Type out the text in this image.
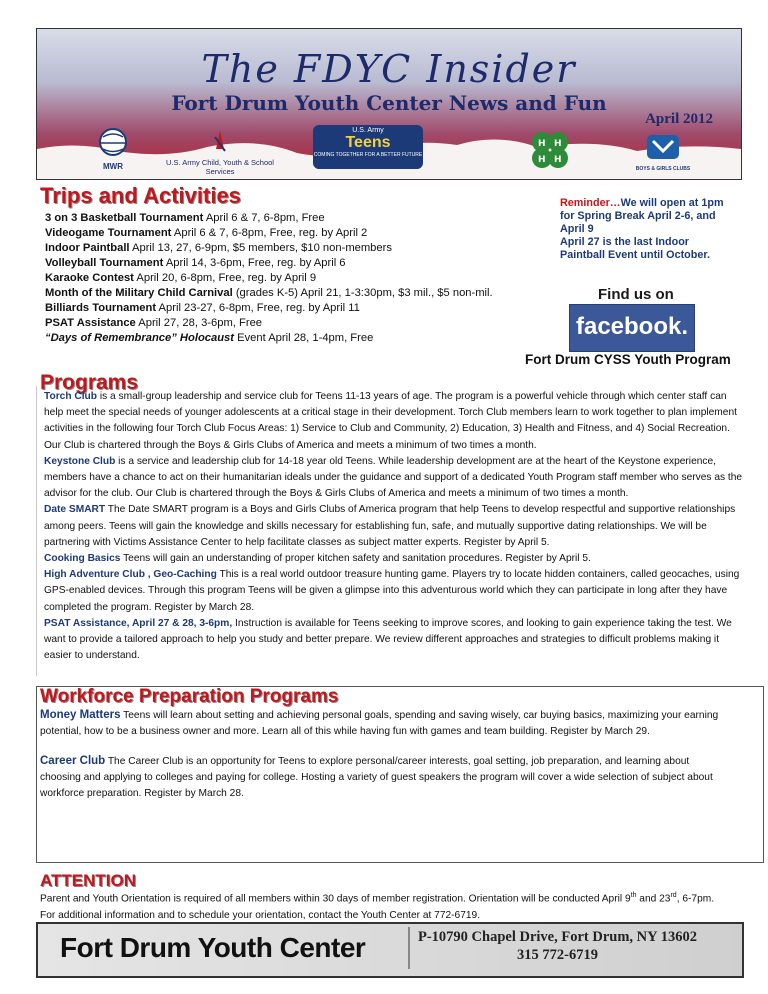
The FDYC Insider
Fort Drum Youth Center News and Fun
April 2012
MWR	U.S. Army Child, Youth & School Services
U.S. Army
Teens
COMING TOGETHER FOR A BETTER FUTURE
H H
H H
BOYS & GIRLS CLUBS
Trips and Activities
3 on 3 Basketball Tournament April 6 & 7, 6-8pm, Free
Videogame Tournament April 6 & 7, 6-8pm, Free, reg. by April 2
Indoor Paintball April 13, 27, 6-9pm, $5 members, $10 non-members
Volleyball Tournament April 14, 3-6pm, Free, reg. by April 6
Karaoke Contest April 20, 6-8pm, Free, reg. by April 9
Month of the Military Child Carnival (grades K-5) April 21, 1-3:30pm, $3 mil., $5 non-mil.
Billiards Tournament April 23-27, 6-8pm, Free, reg. by April 11
PSAT Assistance April 27, 28, 3-6pm, Free
“Days of Remembrance” Holocaust Event April 28, 1-4pm, Free
Reminder…We will open at 1pm for Spring Break April 2-6, and April 9
April 27 is the last Indoor Paintball Event until October.
Find us on
facebook.
Fort Drum CYSS Youth Program
Programs
Torch Club is a small-group leadership and service club for Teens 11-13 years of age. The program is a powerful vehicle through which center staff can help meet the special needs of younger adolescents at a critical stage in their development. Torch Club members learn to work together to plan implement activities in the following four Torch Club Focus Areas: 1) Service to Club and Community, 2) Education, 3) Health and Fitness, and 4) Social Recreation. Our Club is chartered through the Boys & Girls Clubs of America and meets a minimum of two times a month.
Keystone Club is a service and leadership club for 14-18 year old Teens. While leadership development are at the heart of the Keystone experience, members have a chance to act on their humanitarian ideals under the guidance and support of a dedicated Youth Program staff member who serves as the advisor for the club. Our Club is chartered through the Boys & Girls Clubs of America and meets a minimum of two times a month.
Date SMART The Date SMART program is a Boys and Girls Clubs of America program that help Teens to develop respectful and supportive relationships among peers. Teens will gain the knowledge and skills necessary for establishing fun, safe, and mutually supportive dating relationships. We will be partnering with Victims Assistance Center to help facilitate classes as subject matter experts. Register by April 5.
Cooking Basics Teens will gain an understanding of proper kitchen safety and sanitation procedures. Register by April 5.
High Adventure Club , Geo-Caching This is a real world outdoor treasure hunting game. Players try to locate hidden containers, called geocaches, using GPS-enabled devices. Through this program Teens will be given a glimpse into this adventurous world which they can participate in long after they have completed the program. Register by March 28.
PSAT Assistance, April 27 & 28, 3-6pm, Instruction is available for Teens seeking to improve scores, and looking to gain experience taking the test. We want to provide a tailored approach to help you study and better prepare. We review different approaches and strategies to difficult problems making it easier to understand.
Workforce Preparation Programs
Money Matters Teens will learn about setting and achieving personal goals, spending and saving wisely, car buying basics, maximizing your earning potential, how to be a business owner and more. Learn all of this while having fun with games and team building. Register by March 29.
Career Club The Career Club is an opportunity for Teens to explore personal/career interests, goal setting, job preparation, and learning about choosing and applying to colleges and paying for college. Hosting a variety of guest speakers the program will cover a wide selection of subject about workforce preparation. Register by March 28.
ATTENTION
Parent and Youth Orientation is required of all members within 30 days of member registration. Orientation will be conducted April 9th and 23rd, 6-7pm. For additional information and to schedule your orientation, contact the Youth Center at 772-6719.
Fort Drum Youth Center	P-10790 Chapel Drive, Fort Drum, NY 13602
315 772-6719
